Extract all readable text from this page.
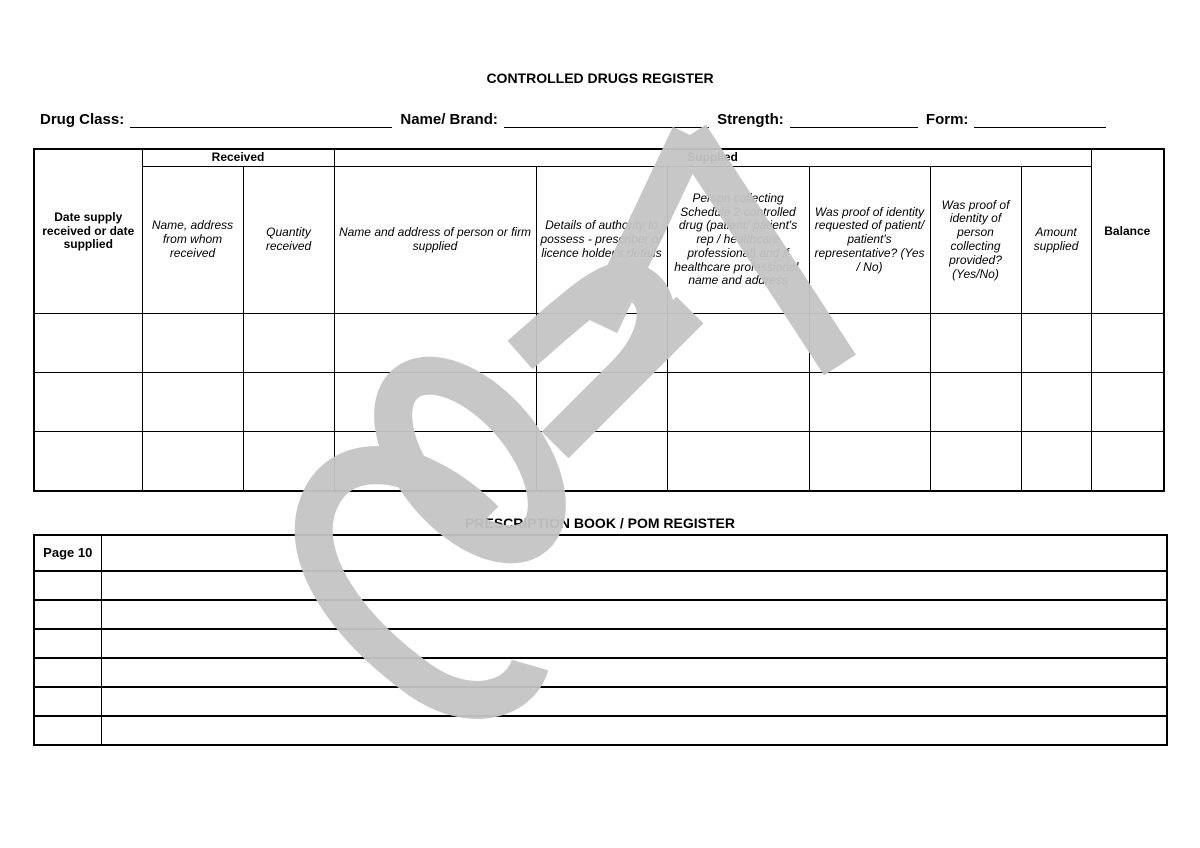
CONTROLLED DRUGS REGISTER
Drug Class:	Name/ Brand:	Strength:	Form:
Date supply received or date supplied	Received		Supplied						Balance
	Name, address from whom received	Quantity received	Name and address of person or firm supplied	Details of authority to possess - prescriber or licence holder's details	Person collecting Schedule 2 controlled drug (patient/ patient's rep / healthcare professional) and if healthcare professional, name and address	Was proof of identity requested of patient/ patient's representative? (Yes / No)	Was proof of identity of person collecting provided? (Yes/No)	Amount supplied	

PRESCRIPTION BOOK / POM REGISTER
Page 10	
